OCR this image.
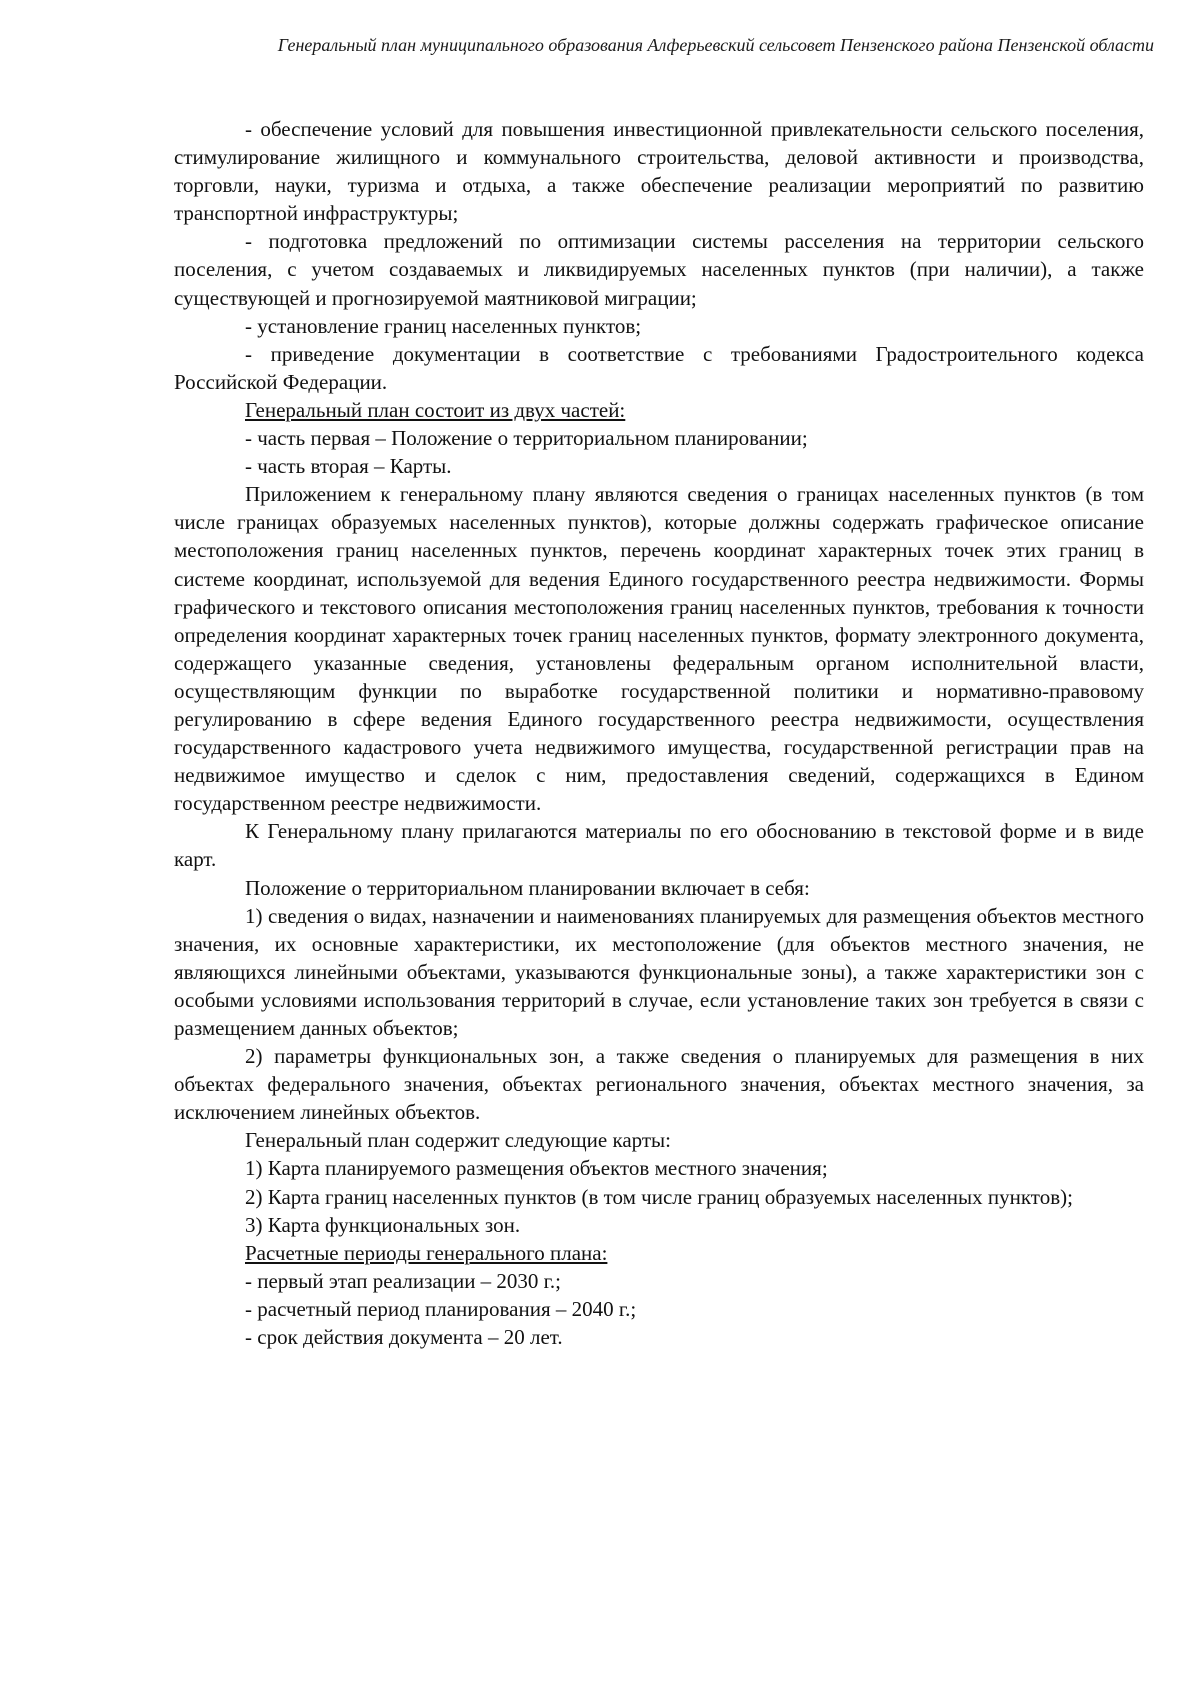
Генеральный план муниципального образования Алферьевский сельсовет Пензенского района Пензенской области

- обеспечение условий для повышения инвестиционной привлекательности сельского поселения, стимулирование жилищного и коммунального строительства, деловой активности и производства, торговли, науки, туризма и отдыха, а также обеспечение реализации мероприятий по развитию транспортной инфраструктуры;

- подготовка предложений по оптимизации системы расселения на территории сельского поселения, с учетом создаваемых и ликвидируемых населенных пунктов (при наличии), а также существующей и прогнозируемой маятниковой миграции;

- установление границ населенных пунктов;

- приведение документации в соответствие с требованиями Градостроительного кодекса Российской Федерации.

Генеральный план состоит из двух частей:

- часть первая – Положение о территориальном планировании;

- часть вторая – Карты.

Приложением к генеральному плану являются сведения о границах населенных пунктов (в том числе границах образуемых населенных пунктов), которые должны содержать графическое описание местоположения границ населенных пунктов, перечень координат характерных точек этих границ в системе координат, используемой для ведения Единого государственного реестра недвижимости. Формы графического и текстового описания местоположения границ населенных пунктов, требования к точности определения координат характерных точек границ населенных пунктов, формату электронного документа, содержащего указанные сведения, установлены федеральным органом исполнительной власти, осуществляющим функции по выработке государственной политики и нормативно-правовому регулированию в сфере ведения Единого государственного реестра недвижимости, осуществления государственного кадастрового учета недвижимого имущества, государственной регистрации прав на недвижимое имущество и сделок с ним, предоставления сведений, содержащихся в Едином государственном реестре недвижимости.

К Генеральному плану прилагаются материалы по его обоснованию в текстовой форме и в виде карт.

Положение о территориальном планировании включает в себя:

1) сведения о видах, назначении и наименованиях планируемых для размещения объектов местного значения, их основные характеристики, их местоположение (для объектов местного значения, не являющихся линейными объектами, указываются функциональные зоны), а также характеристики зон с особыми условиями использования территорий в случае, если установление таких зон требуется в связи с размещением данных объектов;

2) параметры функциональных зон, а также сведения о планируемых для размещения в них объектах федерального значения, объектах регионального значения, объектах местного значения, за исключением линейных объектов.

Генеральный план содержит следующие карты:

1) Карта планируемого размещения объектов местного значения;

2) Карта границ населенных пунктов (в том числе границ образуемых населенных пунктов);

3) Карта функциональных зон.

Расчетные периоды генерального плана:

- первый этап реализации – 2030 г.;

- расчетный период планирования – 2040 г.;

- срок действия документа – 20 лет.
